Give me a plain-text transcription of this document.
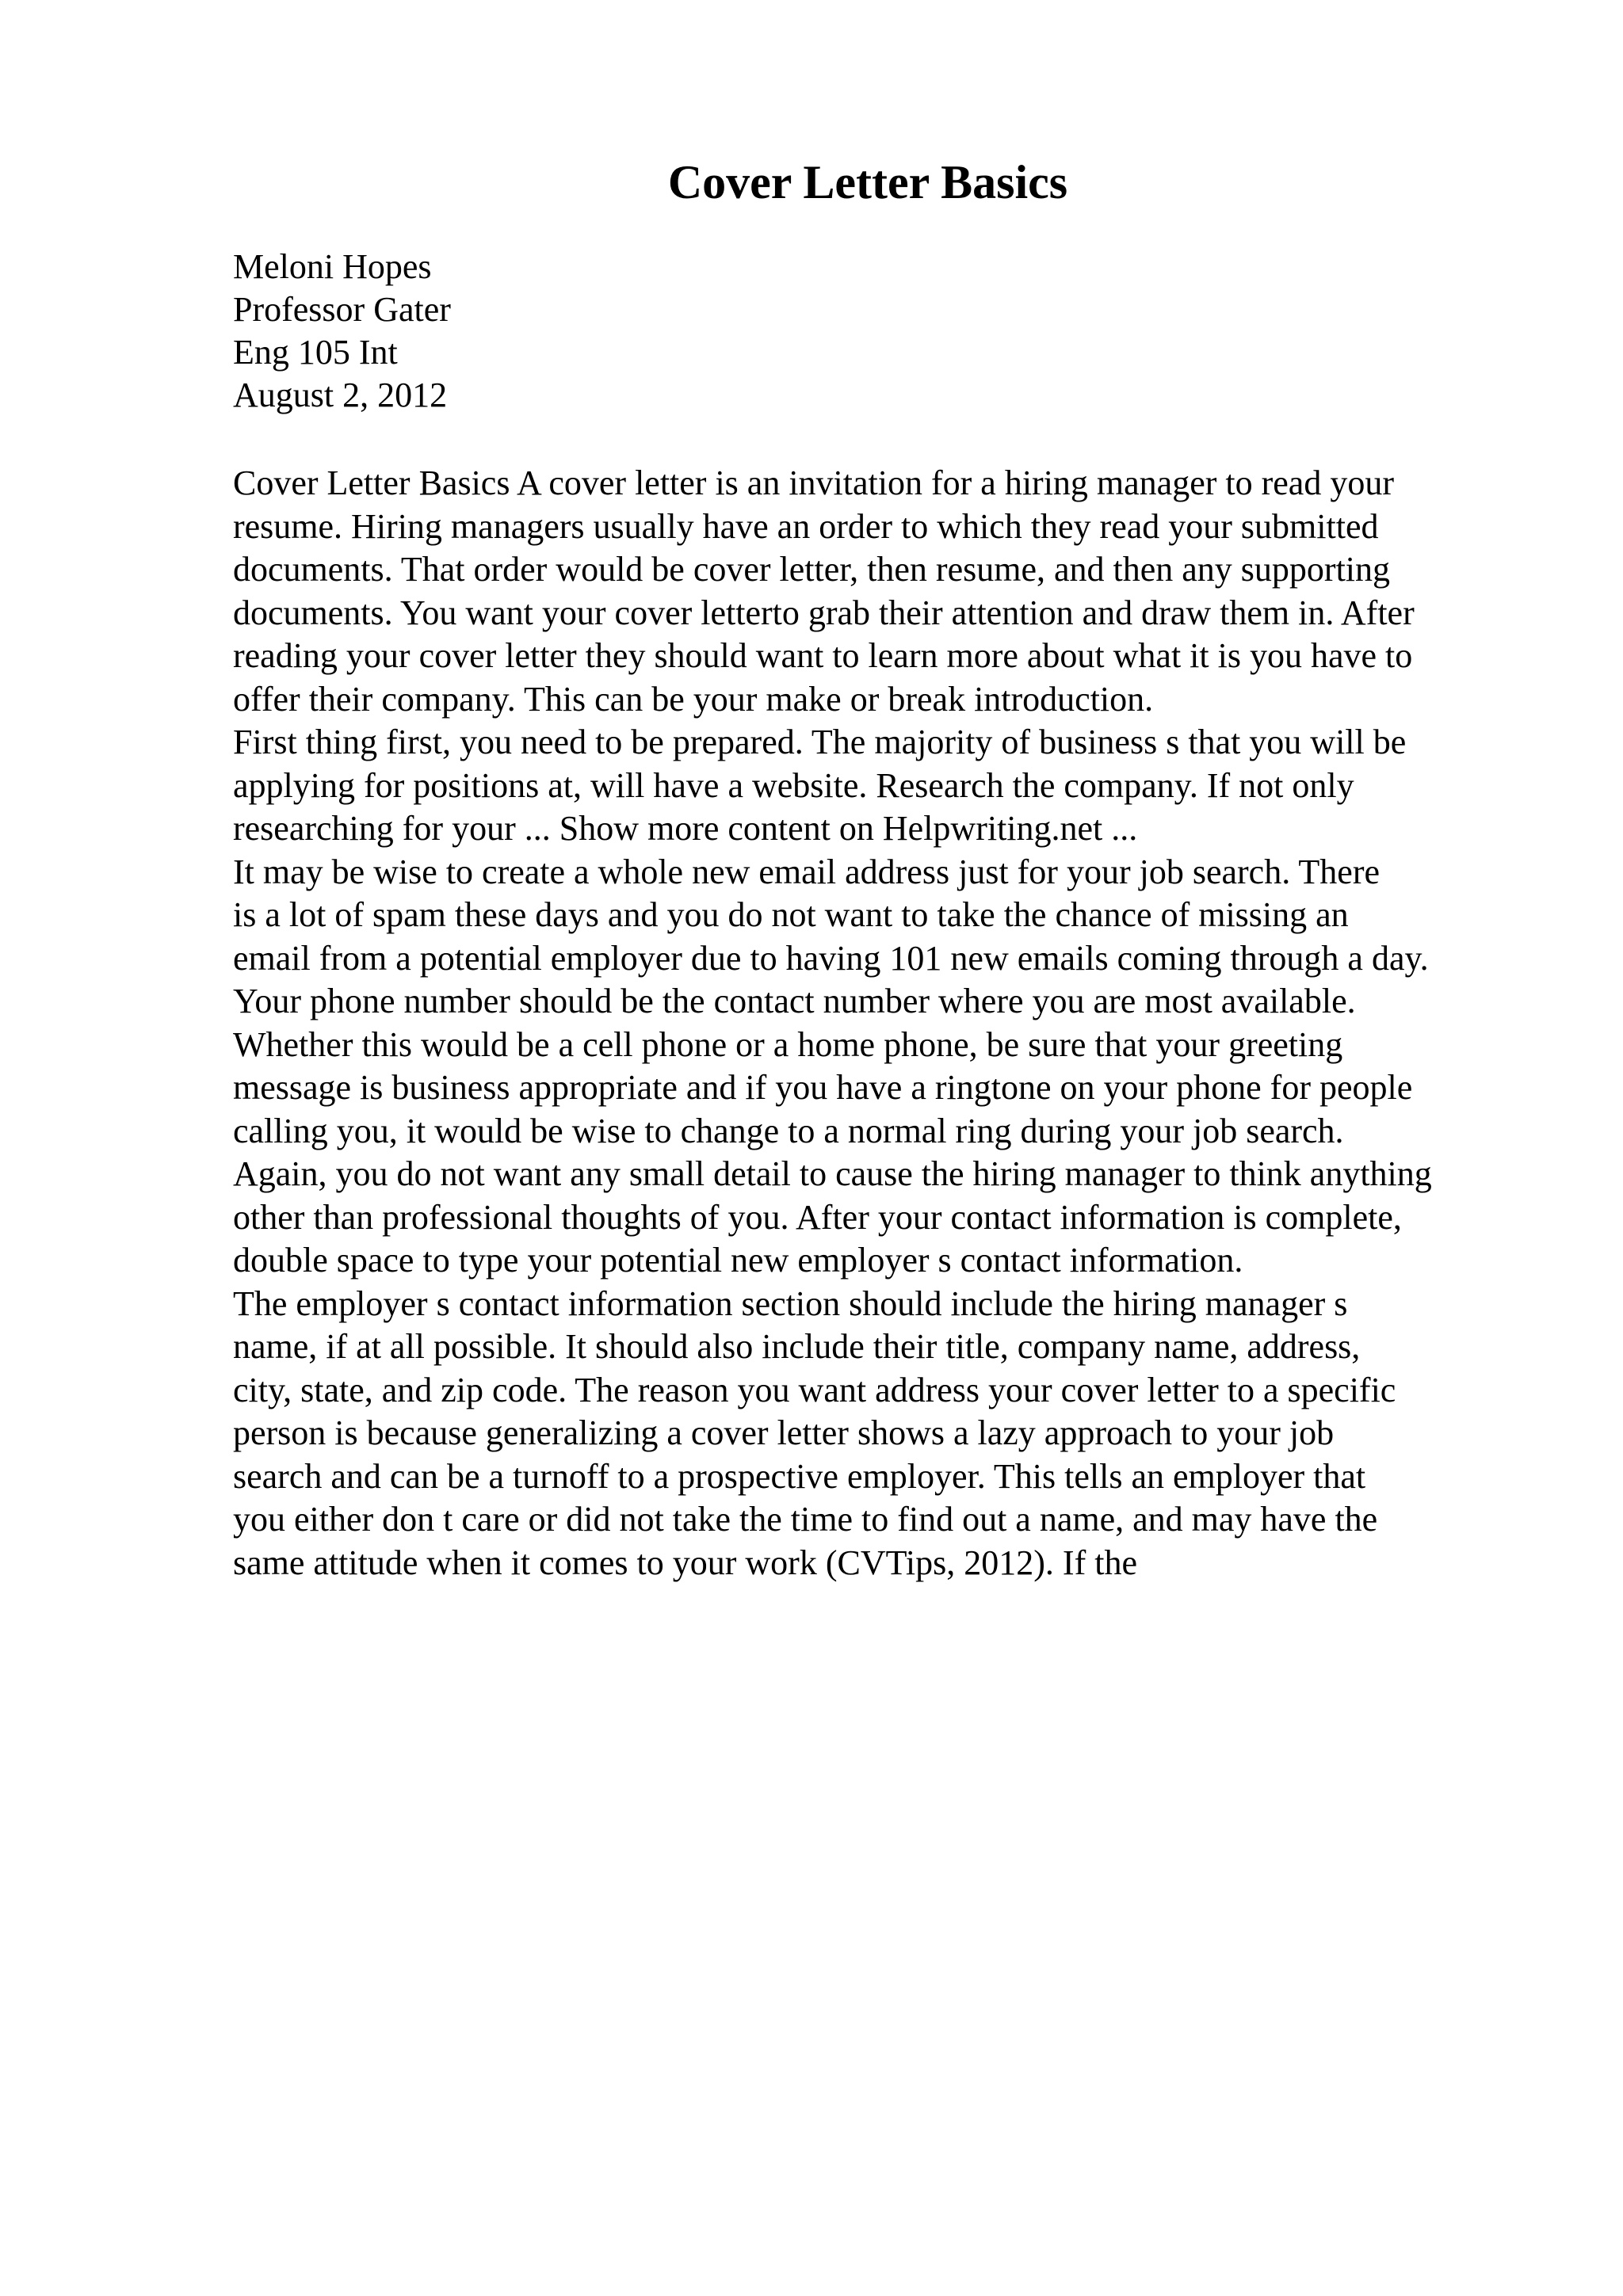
Cover Letter Basics
Meloni Hopes
Professor Gater
Eng 105 Int
August 2, 2012
Cover Letter Basics A cover letter is an invitation for a hiring manager to read your
resume. Hiring managers usually have an order to which they read your submitted
documents. That order would be cover letter, then resume, and then any supporting
documents. You want your cover letterto grab their attention and draw them in. After
reading your cover letter they should want to learn more about what it is you have to
offer their company. This can be your make or break introduction.
First thing first, you need to be prepared. The majority of business s that you will be
applying for positions at, will have a website. Research the company. If not only
researching for your ... Show more content on Helpwriting.net ...
It may be wise to create a whole new email address just for your job search. There
is a lot of spam these days and you do not want to take the chance of missing an
email from a potential employer due to having 101 new emails coming through a day.
Your phone number should be the contact number where you are most available.
Whether this would be a cell phone or a home phone, be sure that your greeting
message is business appropriate and if you have a ringtone on your phone for people
calling you, it would be wise to change to a normal ring during your job search.
Again, you do not want any small detail to cause the hiring manager to think anything
other than professional thoughts of you. After your contact information is complete,
double space to type your potential new employer s contact information.
The employer s contact information section should include the hiring manager s
name, if at all possible. It should also include their title, company name, address,
city, state, and zip code. The reason you want address your cover letter to a specific
person is because generalizing a cover letter shows a lazy approach to your job
search and can be a turnoff to a prospective employer. This tells an employer that
you either don t care or did not take the time to find out a name, and may have the
same attitude when it comes to your work (CVTips, 2012). If the
